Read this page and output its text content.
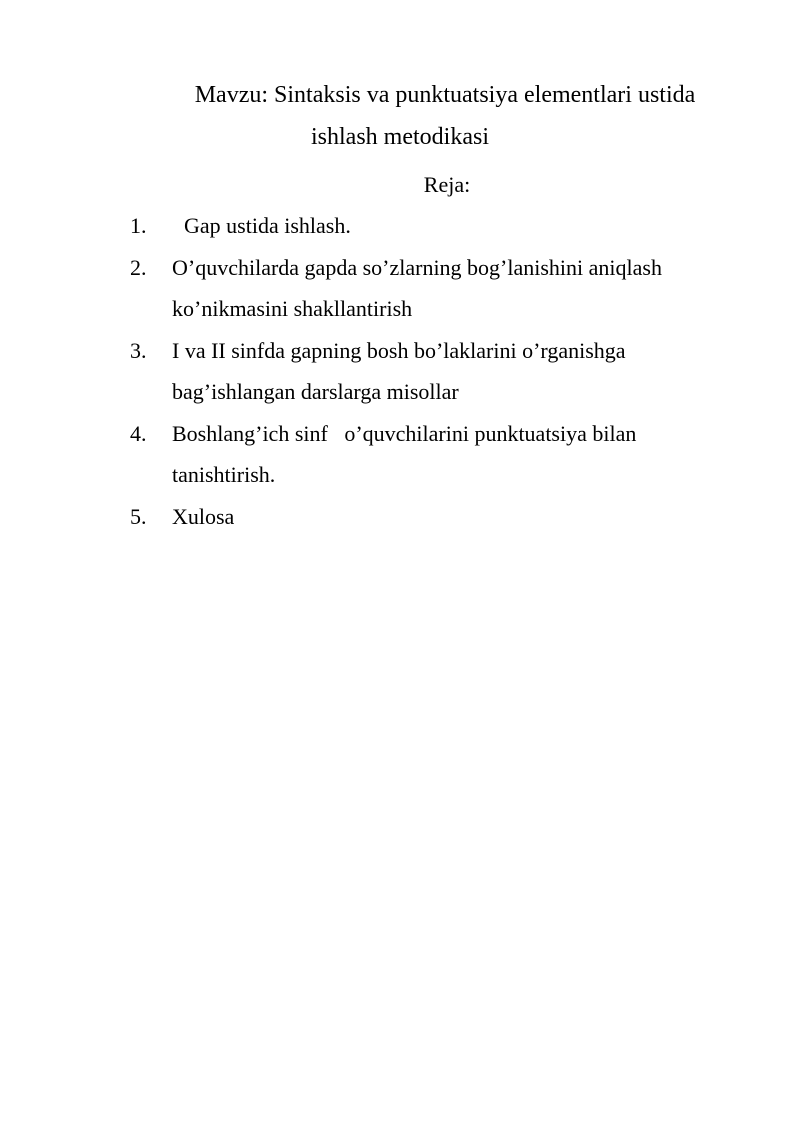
Mavzu: Sintaksis va punktuatsiya elementlari ustida
ishlash metodikasi
Reja:
1.	Gap ustida ishlash.
2. O’quvchilarda gapda so’zlarning bog’lanishini aniqlash ko’nikmasini shakllantirish
3. I va II sinfda gapning bosh bo’laklarini o’rganishga bag’ishlangan darslarga misollar
4. Boshlang’ich sinf   o’quvchilarini punktuatsiya bilan tanishtirish.
5. Xulosa
